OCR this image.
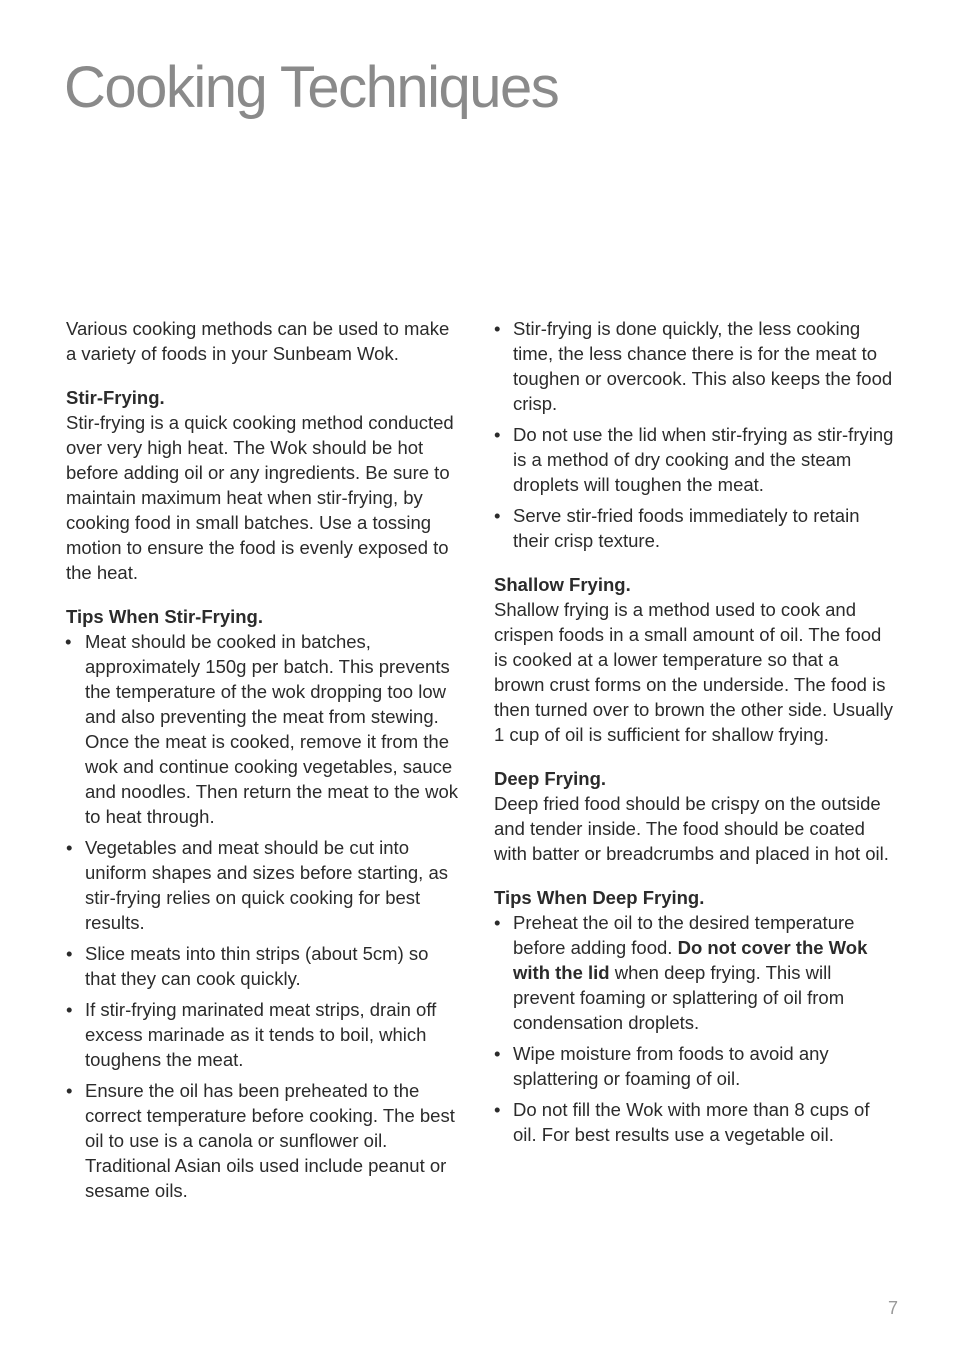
Cooking Techniques

Various cooking methods can be used to make a variety of foods in your Sunbeam Wok.

Stir-Frying.

Stir-frying is a quick cooking method conducted over very high heat. The Wok should be hot before adding oil or any ingredients. Be sure to maintain maximum heat when stir-frying, by cooking food in small batches. Use a tossing motion to ensure the food is evenly exposed to the heat.

Tips When Stir-Frying.

• Meat should be cooked in batches, approximately 150g per batch. This prevents the temperature of the wok dropping too low and also preventing the meat from stewing. Once the meat is cooked, remove it from the wok and continue cooking vegetables, sauce and noodles. Then return the meat to the wok to heat through.
• Vegetables and meat should be cut into uniform shapes and sizes before starting, as stir-frying relies on quick cooking for best results.
• Slice meats into thin strips (about 5cm) so that they can cook quickly.
• If stir-frying marinated meat strips, drain off excess marinade as it tends to boil, which toughens the meat.
• Ensure the oil has been preheated to the correct temperature before cooking. The best oil to use is a canola or sunflower oil. Traditional Asian oils used include peanut or sesame oils.
• Stir-frying is done quickly, the less cooking time, the less chance there is for the meat to toughen or overcook. This also keeps the food crisp.
• Do not use the lid when stir-frying as stir-frying is a method of dry cooking and the steam droplets will toughen the meat.
• Serve stir-fried foods immediately to retain their crisp texture.

Shallow Frying.

Shallow frying is a method used to cook and crispen foods in a small amount of oil. The food is cooked at a lower temperature so that a brown crust forms on the underside. The food is then turned over to brown the other side. Usually 1 cup of oil is sufficient for shallow frying.

Deep Frying.

Deep fried food should be crispy on the outside and tender inside. The food should be coated with batter or breadcrumbs and placed in hot oil.

Tips When Deep Frying.

• Preheat the oil to the desired temperature before adding food. Do not cover the Wok with the lid when deep frying. This will prevent foaming or splattering of oil from condensation droplets.
• Wipe moisture from foods to avoid any splattering or foaming of oil.
• Do not fill the Wok with more than 8 cups of oil. For best results use a vegetable oil.
7
